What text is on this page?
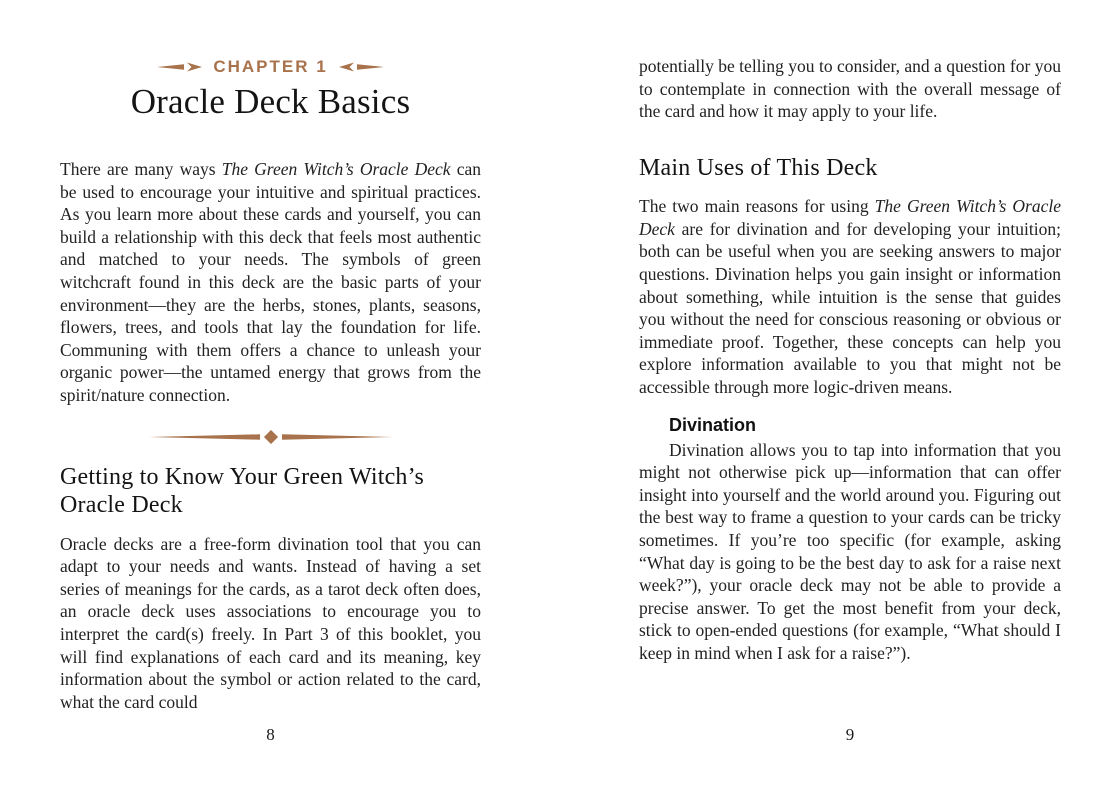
CHAPTER 1
Oracle Deck Basics

There are many ways The Green Witch’s Oracle Deck can be used to encourage your intuitive and spiritual practices. As you learn more about these cards and yourself, you can build a relationship with this deck that feels most authentic and matched to your needs. The symbols of green witchcraft found in this deck are the basic parts of your environment—they are the herbs, stones, plants, seasons, flowers, trees, and tools that lay the foundation for life. Communing with them offers a chance to unleash your organic power—the untamed energy that grows from the spirit/nature connection.

Getting to Know Your Green Witch’s Oracle Deck

Oracle decks are a free-form divination tool that you can adapt to your needs and wants. Instead of having a set series of meanings for the cards, as a tarot deck often does, an oracle deck uses associations to encourage you to interpret the card(s) freely. In Part 3 of this booklet, you will find explanations of each card and its meaning, key information about the symbol or action related to the card, what the card could

8

potentially be telling you to consider, and a question for you to contemplate in connection with the overall message of the card and how it may apply to your life.

Main Uses of This Deck

The two main reasons for using The Green Witch’s Oracle Deck are for divination and for developing your intuition; both can be useful when you are seeking answers to major questions. Divination helps you gain insight or information about something, while intuition is the sense that guides you without the need for conscious reasoning or obvious or immediate proof. Together, these concepts can help you explore information available to you that might not be accessible through more logic-driven means.

Divination

Divination allows you to tap into information that you might not otherwise pick up—information that can offer insight into yourself and the world around you. Figuring out the best way to frame a question to your cards can be tricky sometimes. If you’re too specific (for example, asking “What day is going to be the best day to ask for a raise next week?”), your oracle deck may not be able to provide a precise answer. To get the most benefit from your deck, stick to open-ended questions (for example, “What should I keep in mind when I ask for a raise?”).

9
